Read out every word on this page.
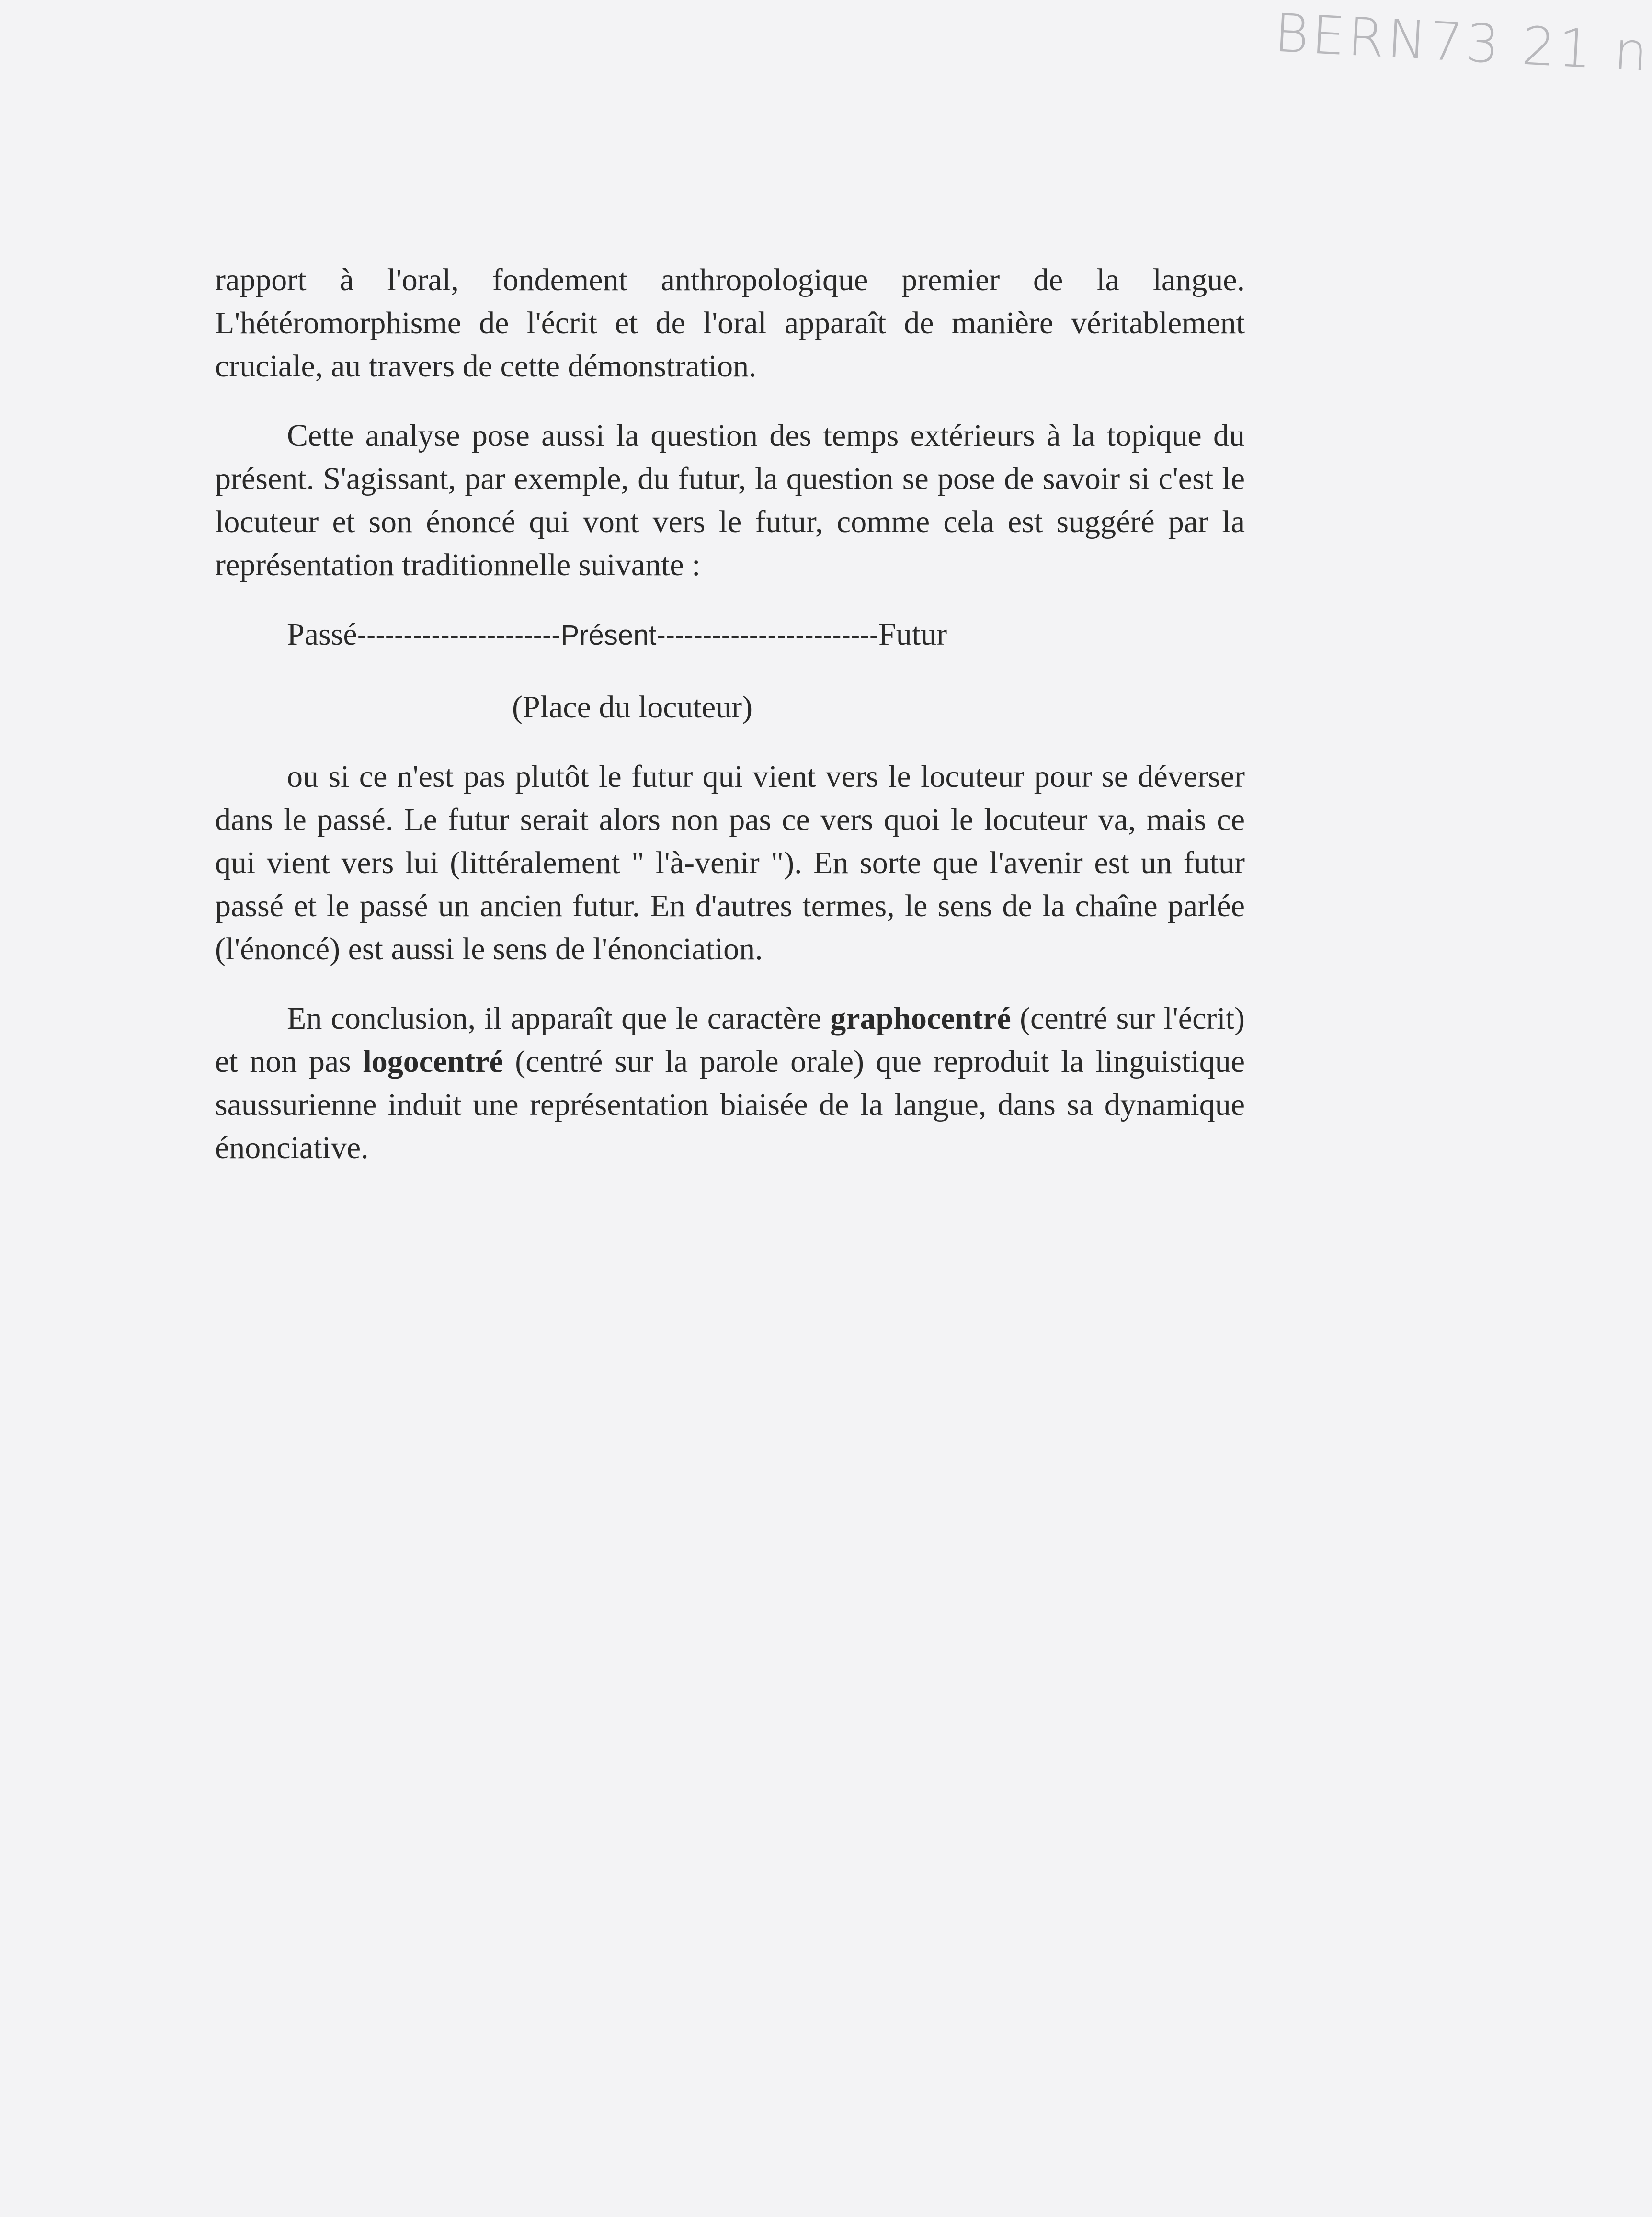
BERN73 21 n

rapport à l'oral, fondement anthropologique premier de la langue. L'hétéromorphisme de l'écrit et de l'oral apparaît de manière véritablement cruciale, au travers de cette démonstration.

Cette analyse pose aussi la question des temps extérieurs à la topique du présent. S'agissant, par exemple, du futur, la question se pose de savoir si c'est le locuteur et son énoncé qui vont vers le futur, comme cela est suggéré par la représentation traditionnelle suivante :

Passé----------------------Présent------------------------Futur

(Place du locuteur)

ou si ce n'est pas plutôt le futur qui vient vers le locuteur pour se déverser dans le passé. Le futur serait alors non pas ce vers quoi le locuteur va, mais ce qui vient vers lui (littéralement " l'à-venir "). En sorte que l'avenir est un futur passé et le passé un ancien futur. En d'autres termes, le sens de la chaîne parlée (l'énoncé) est aussi le sens de l'énonciation.

En conclusion, il apparaît que le caractère graphocentré (centré sur l'écrit) et non pas logocentré (centré sur la parole orale) que reproduit la linguistique saussurienne induit une représentation biaisée de la langue, dans sa dynamique énonciative.
